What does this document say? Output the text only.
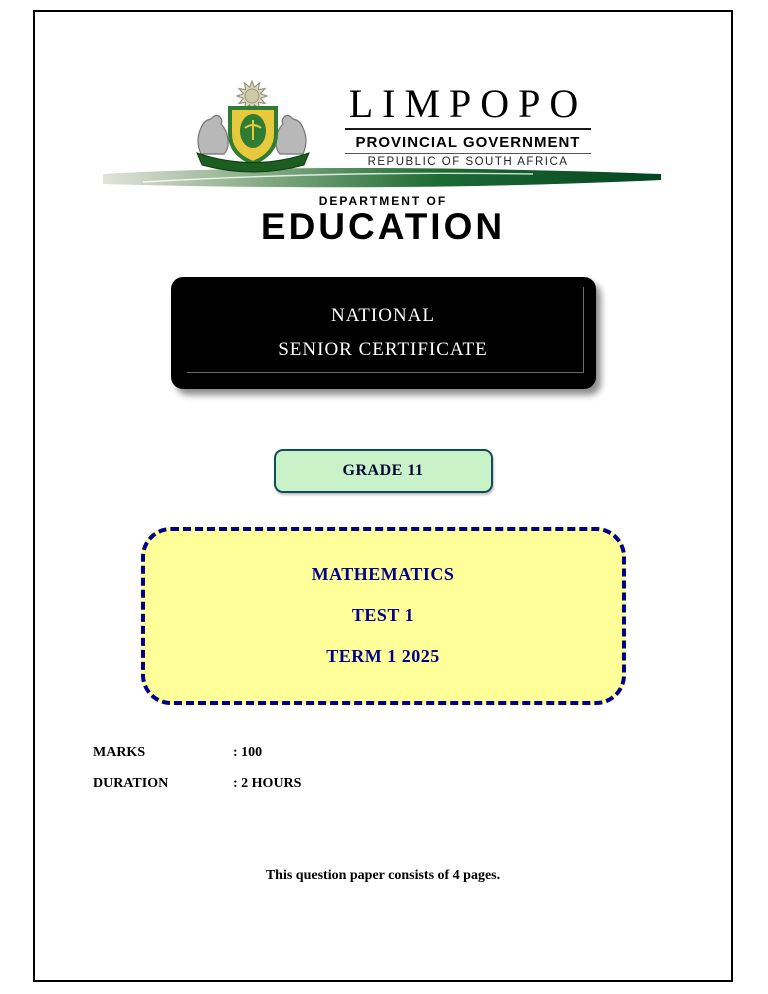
LIMPOPO
PROVINCIAL GOVERNMENT
REPUBLIC OF SOUTH AFRICA
DEPARTMENT OF
EDUCATION
NATIONAL
SENIOR CERTIFICATE
GRADE 11
MATHEMATICS
TEST 1
TERM 1 2025
MARKS	: 100
DURATION	: 2 HOURS
This question paper consists of 4 pages.
